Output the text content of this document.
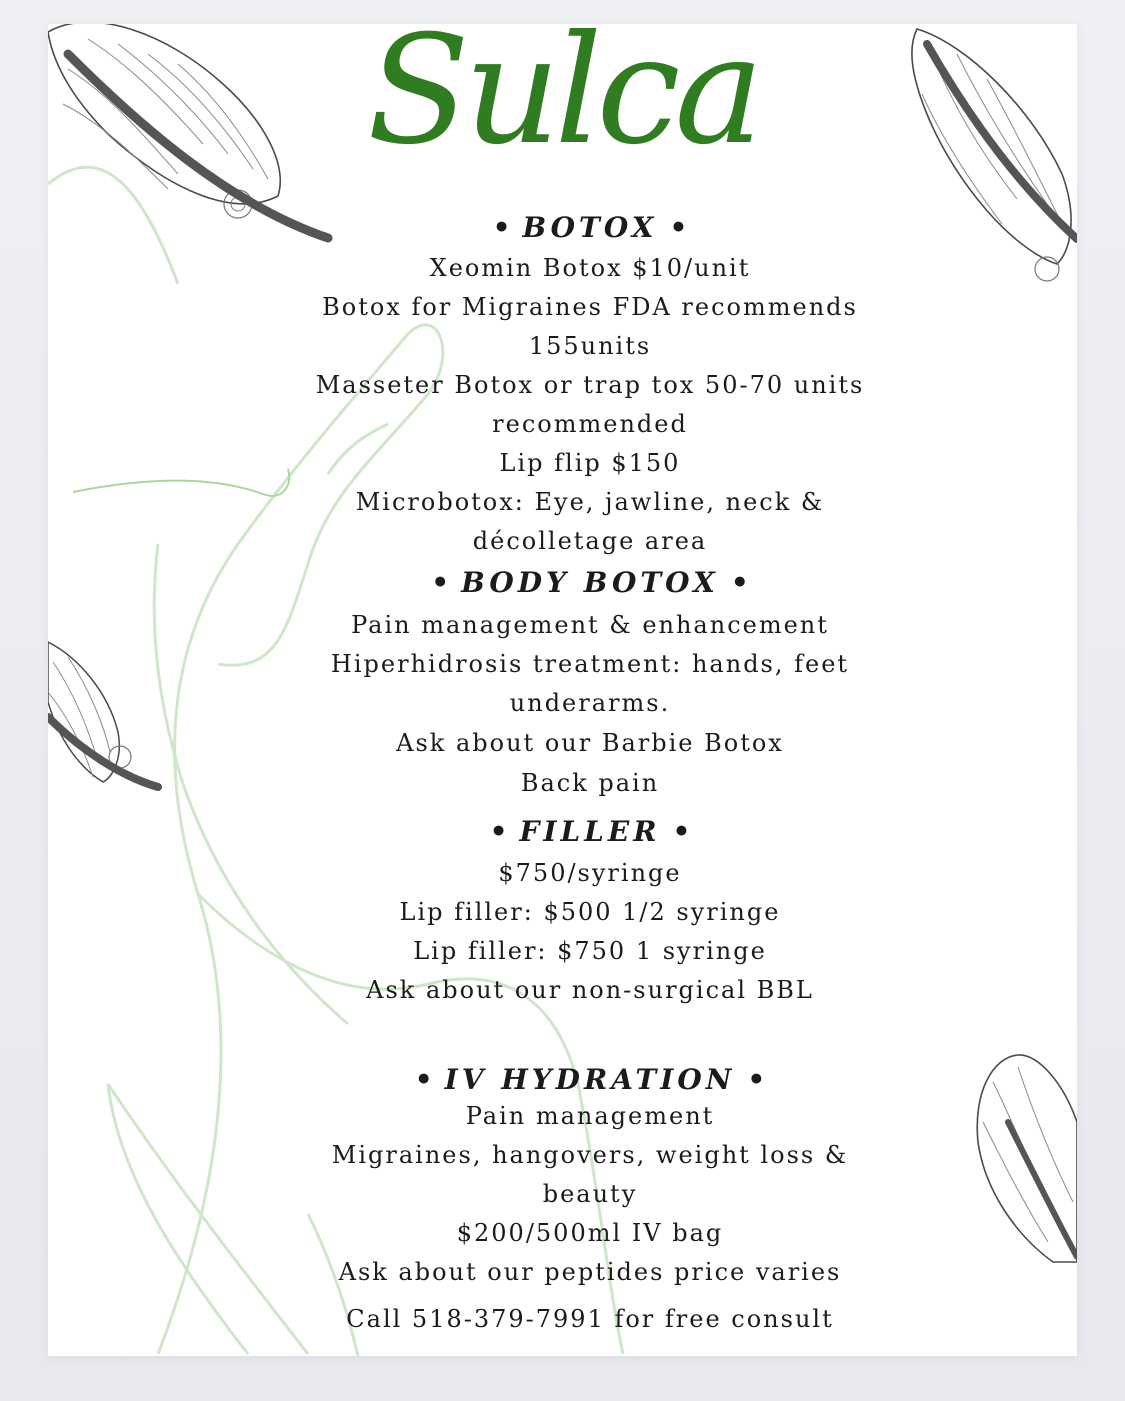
Sulca
• BOTOX •
Xeomin Botox $10/unit
Botox for Migraines FDA recommends
155units
Masseter Botox or trap tox 50-70 units
recommended
Lip flip $150
Microbotox: Eye, jawline, neck &
décolletage area
• BODY BOTOX •
Pain management & enhancement
Hiperhidrosis treatment: hands, feet
underarms.
Ask about our Barbie Botox
Back pain
• FILLER •
$750/syringe
Lip filler: $500 1/2 syringe
Lip filler: $750 1 syringe
Ask about our non-surgical BBL
• IV HYDRATION •
Pain management
Migraines, hangovers, weight loss &
beauty
$200/500ml IV bag
Ask about our peptides price varies
Call 518-379-7991 for free consult
